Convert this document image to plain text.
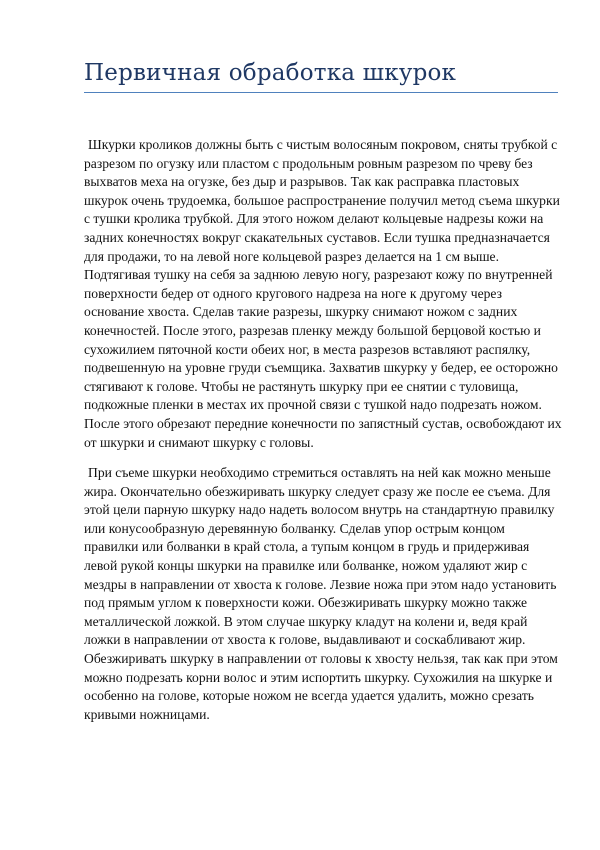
Первичная обработка шкурок

Шкурки кроликов должны быть с чистым волосяным покровом, сняты трубкой с разрезом по огузку или пластом с продольным ровным разрезом по чреву без выхватов меха на огузке, без дыр и разрывов. Так как расправка пластовых шкурок очень трудоемка, большое распространение получил метод съема шкурки с тушки кролика трубкой. Для этого ножом делают кольцевые надрезы кожи на задних конечностях вокруг скакательных суставов. Если тушка предназначается для продажи, то на левой ноге кольцевой разрез делается на 1 см выше. Подтягивая тушку на себя за заднюю левую ногу, разрезают кожу по внутренней поверхности бедер от одного кругового надреза на ноге к другому через основание хвоста. Сделав такие разрезы, шкурку снимают ножом с задних конечностей. После этого, разрезав пленку между большой берцовой костью и сухожилием пяточной кости обеих ног, в места разрезов вставляют распялку, подвешенную на уровне груди съемщика. Захватив шкурку у бедер, ее осторожно стягивают к голове. Чтобы не растянуть шкурку при ее снятии с туловища, подкожные пленки в местах их прочной связи с тушкой надо подрезать ножом. После этого обрезают передние конечности по запястный сустав, освобождают их от шкурки и снимают шкурку с головы.

При съеме шкурки необходимо стремиться оставлять на ней как можно меньше жира. Окончательно обезжиривать шкурку следует сразу же после ее съема. Для этой цели парную шкурку надо надеть волосом внутрь на стандартную правилку или конусообразную деревянную болванку. Сделав упор острым концом правилки или болванки в край стола, а тупым концом в грудь и придерживая левой рукой концы шкурки на правилке или болванке, ножом удаляют жир с мездры в направлении от хвоста к голове. Лезвие ножа при этом надо установить под прямым углом к поверхности кожи. Обезжиривать шкурку можно также металлической ложкой. В этом случае шкурку кладут на колени и, ведя край ложки в направлении от хвоста к голове, выдавливают и соскабливают жир. Обезжиривать шкурку в направлении от головы к хвосту нельзя, так как при этом можно подрезать корни волос и этим испортить шкурку. Сухожилия на шкурке и особенно на голове, которые ножом не всегда удается удалить, можно срезать кривыми ножницами.
